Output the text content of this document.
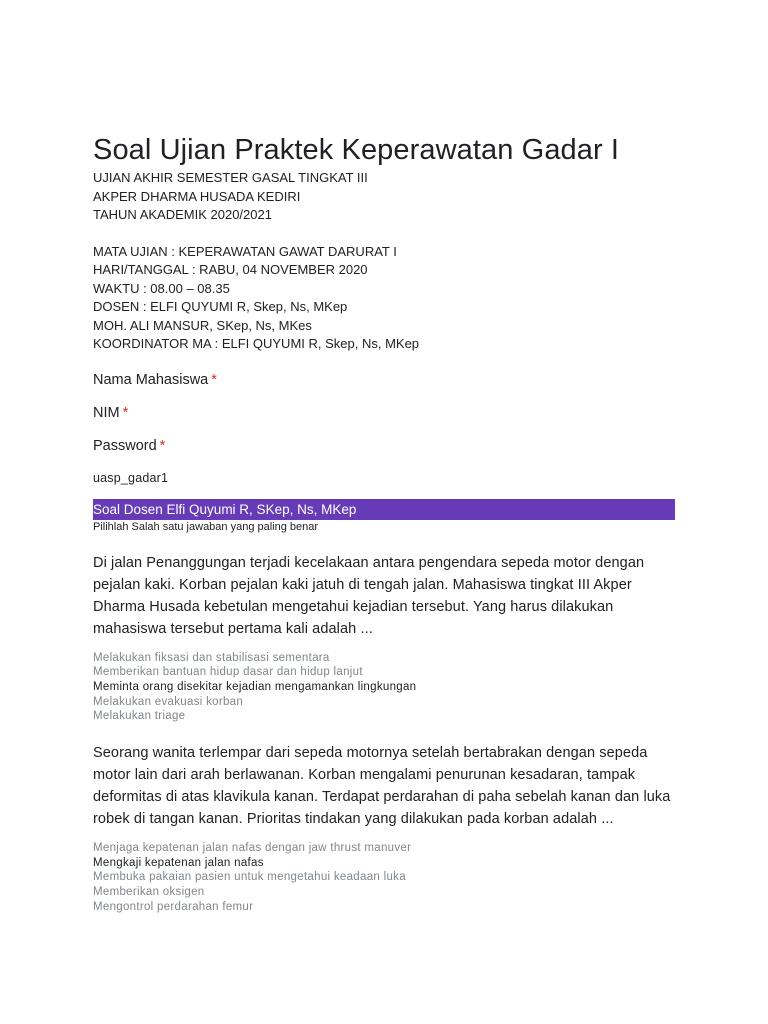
Soal Ujian Praktek Keperawatan Gadar I
UJIAN AKHIR SEMESTER GASAL TINGKAT III
AKPER DHARMA HUSADA KEDIRI
TAHUN AKADEMIK 2020/2021
MATA UJIAN : KEPERAWATAN GAWAT DARURAT I
HARI/TANGGAL : RABU, 04 NOVEMBER 2020
WAKTU : 08.00 – 08.35
DOSEN : ELFI QUYUMI R, Skep, Ns, MKep
MOH. ALI MANSUR, SKep, Ns, MKes
KOORDINATOR MA : ELFI QUYUMI R, Skep, Ns, MKep
Nama Mahasiswa *
NIM *
Password *
uasp_gadar1
Soal Dosen Elfi Quyumi R, SKep, Ns, MKep
Pilihlah Salah satu jawaban yang paling benar
Di jalan Penanggungan terjadi kecelakaan antara pengendara sepeda motor dengan pejalan kaki. Korban pejalan kaki jatuh di tengah jalan. Mahasiswa tingkat III Akper Dharma Husada kebetulan mengetahui kejadian tersebut. Yang harus dilakukan mahasiswa tersebut pertama kali adalah ...
Melakukan fiksasi dan stabilisasi sementara
Memberikan bantuan hidup dasar dan hidup lanjut
Meminta orang disekitar kejadian mengamankan lingkungan
Melakukan evakuasi korban
Melakukan triage
Seorang wanita terlempar dari sepeda motornya setelah bertabrakan dengan sepeda motor lain dari arah berlawanan. Korban mengalami penurunan kesadaran, tampak deformitas di atas klavikula kanan. Terdapat perdarahan di paha sebelah kanan dan luka robek di tangan kanan. Prioritas tindakan yang dilakukan pada korban adalah ...
Menjaga kepatenan jalan nafas dengan jaw thrust manuver
Mengkaji kepatenan jalan nafas
Membuka pakaian pasien untuk mengetahui keadaan luka
Memberikan oksigen
Mengontrol perdarahan femur
